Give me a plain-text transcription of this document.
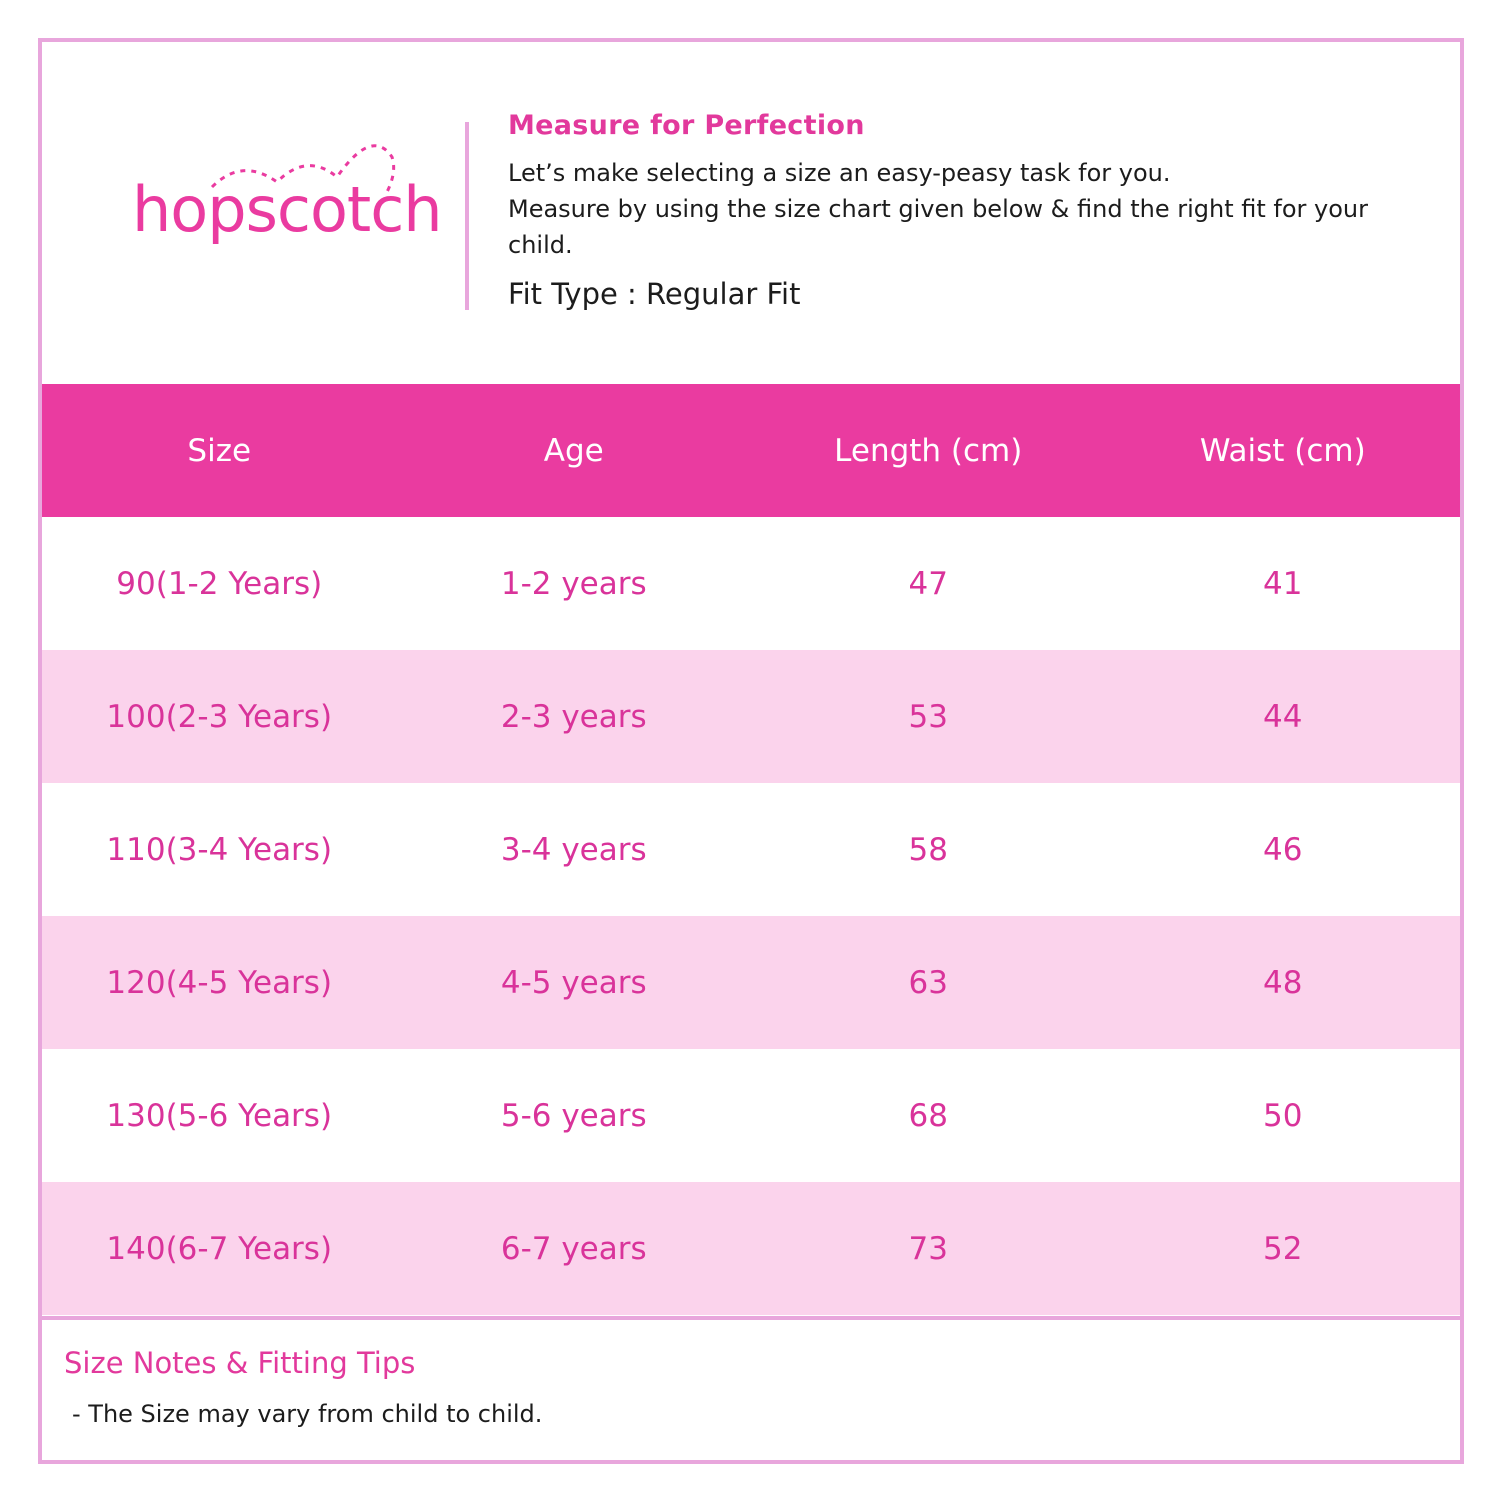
hopscotch

Measure for Perfection

Let’s make selecting a size an easy-peasy task for you.

Measure by using the size chart given below & find the right fit for your child.

Fit Type : Regular Fit
Size	Age	Length (cm)	Waist (cm)
90(1-2 Years)	1-2 years	47	41
100(2-3 Years)	2-3 years	53	44
110(3-4 Years)	3-4 years	58	46
120(4-5 Years)	4-5 years	63	48
130(5-6 Years)	5-6 years	68	50
140(6-7 Years)	6-7 years	73	52
Size Notes & Fitting Tips
- The Size may vary from child to child.
